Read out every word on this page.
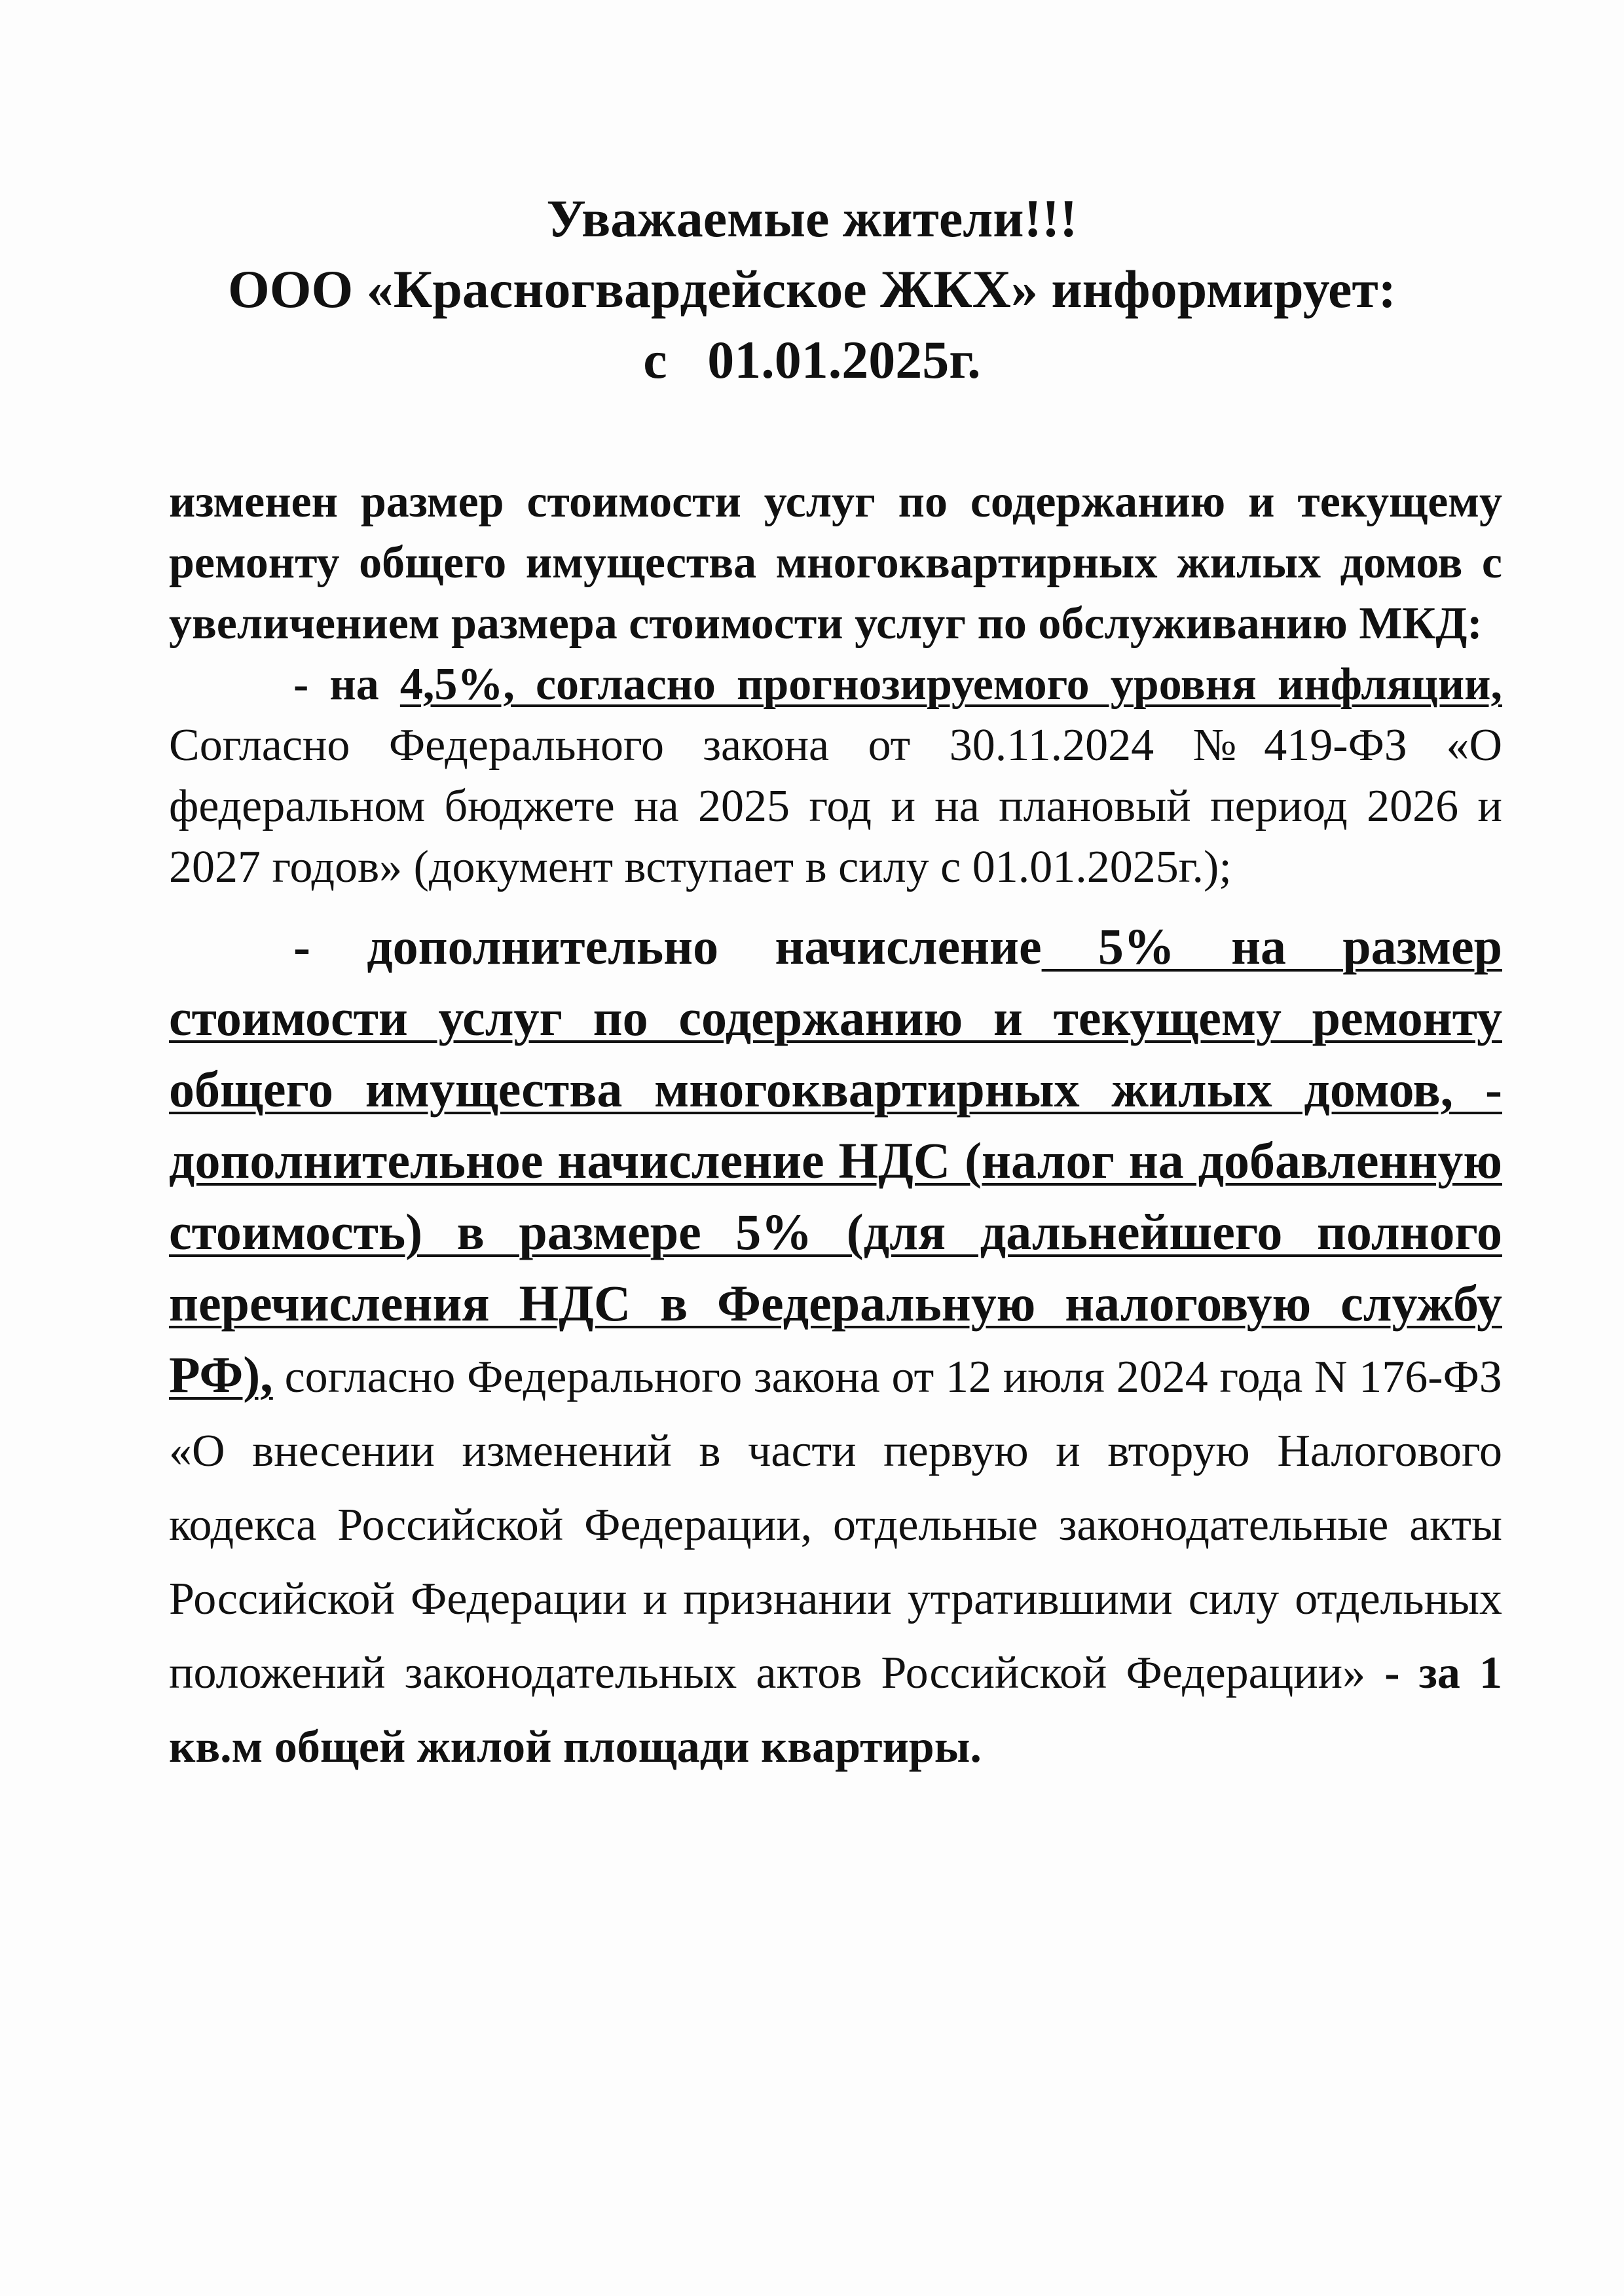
Уважаемые жители!!!
ООО «Красногвардейское ЖКХ» информирует:
с   01.01.2025г.

изменен размер стоимости услуг по содержанию и текущему ремонту общего имущества многоквартирных жилых домов с увеличением размера стоимости услуг по обслуживанию МКД:

- на 4,5%, согласно прогнозируемого уровня инфляции, Согласно Федерального закона от 30.11.2024 №419-ФЗ «О федеральном бюджете на 2025 год и на плановый период 2026 и 2027 годов» (документ вступает в силу с 01.01.2025г.);

- дополнительно начисление 5% на размер стоимости услуг по содержанию и текущему ремонту общего имущества многоквартирных жилых домов, - дополнительное начисление НДС (налог на добавленную стоимость) в размере 5% (для дальнейшего полного перечисления НДС в Федеральную налоговую службу РФ), согласно Федерального закона от 12 июля 2024 года N 176-ФЗ «О внесении изменений в части первую и вторую Налогового кодекса Российской Федерации, отдельные законодательные акты Российской Федерации и признании утратившими силу отдельных положений законодательных актов Российской Федерации» - за 1 кв.м общей жилой площади квартиры.
